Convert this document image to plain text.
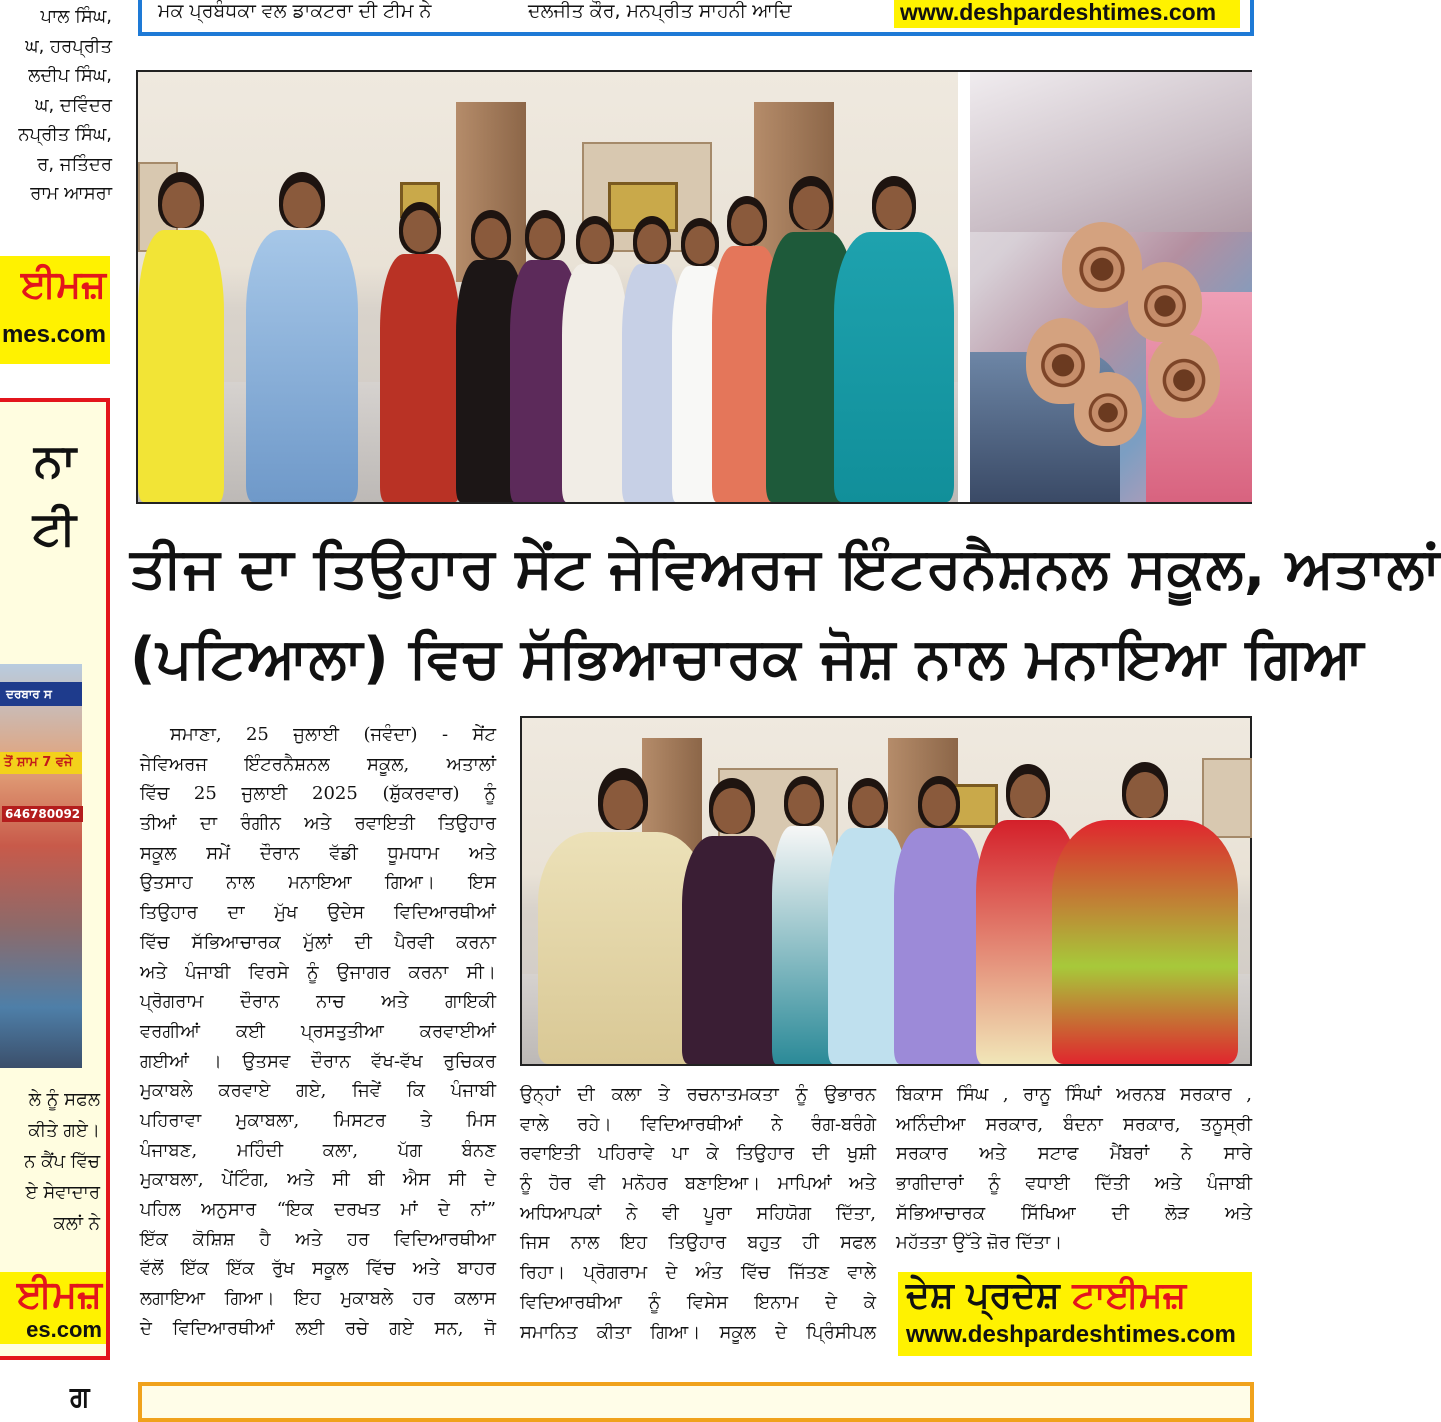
ਪਾਲ ਸਿੰਘ,
ਘ, ਹਰਪ੍ਰੀਤ
ਲਦੀਪ ਸਿੰਘ,
ਘ, ਦਵਿੰਦਰ
ਨਪ੍ਰੀਤ ਸਿੰਘ,
ਰ, ਜਤਿੰਦਰ
ਰਾਮ ਆਸਰਾ
ਈਮਜ਼
mes.com
ਨਾ
ਟੀ
ਦਰਬਾਰ ਸ
ਤੋਂ ਸ਼ਾਮ 7 ਵਜੇ
646780092
ਲੇ ਨੂੰ ਸਫਲ
ਕੀਤੇ ਗਏ।
ਨ ਕੈਂਪ ਵਿੱਚ
ਏ ਸੇਵਾਦਾਰ
ਕਲਾਂ ਨੇ
ਈਮਜ਼
es.com
ਗ
ਮਕ ਪ੍ਰਬੰਧਕਾ ਵਲ ਡਾਕਟਰਾ ਦੀ ਟੀਮ ਨੇ	ਦਲਜੀਤ ਕੌਰ, ਮਨਪ੍ਰੀਤ ਸਾਹਨੀ ਆਦਿ	www.deshpardeshtimes.com
ਤੀਜ ਦਾ ਤਿਉਹਾਰ ਸੇਂਟ ਜੇਵਿਅਰਜ ਇੰਟਰਨੈਸ਼ਨਲ ਸਕੂਲ, ਅਤਾਲਾਂ
(ਪਟਿਆਲਾ) ਵਿਚ ਸੱਭਿਆਚਾਰਕ ਜੋਸ਼ ਨਾਲ ਮਨਾਇਆ ਗਿਆ
ਸਮਾਣਾ, 25 ਜੁਲਾਈ (ਜਵੰਦਾ) - ਸੇਂਟ
ਜੇਵਿਅਰਜ ਇੰਟਰਨੈਸ਼ਨਲ ਸਕੂਲ, ਅਤਾਲਾਂ
ਵਿੱਚ 25 ਜੁਲਾਈ 2025 (ਸ਼ੁੱਕਰਵਾਰ) ਨੂੰ
ਤੀਆਂ ਦਾ ਰੰਗੀਨ ਅਤੇ ਰਵਾਇਤੀ ਤਿਉਹਾਰ
ਸਕੂਲ ਸਮੇਂ ਦੌਰਾਨ ਵੱਡੀ ਧੂਮਧਾਮ ਅਤੇ
ਉਤਸਾਹ ਨਾਲ ਮਨਾਇਆ ਗਿਆ। ਇਸ
ਤਿਉਹਾਰ ਦਾ ਮੁੱਖ ਉਦੇਸ ਵਿਦਿਆਰਥੀਆਂ
ਵਿੱਚ ਸੱਭਿਆਚਾਰਕ ਮੁੱਲਾਂ ਦੀ ਪੈਰਵੀ ਕਰਨਾ
ਅਤੇ ਪੰਜਾਬੀ ਵਿਰਸੇ ਨੂੰ ਉਜਾਗਰ ਕਰਨਾ ਸੀ।
ਪ੍ਰੋਗਰਾਮ ਦੌਰਾਨ ਨਾਚ ਅਤੇ ਗਾਇਕੀ
ਵਰਗੀਆਂ ਕਈ ਪ੍ਰਸਤੁਤੀਆ ਕਰਵਾਈਆਂ
ਗਈਆਂ । ਉਤਸਵ ਦੌਰਾਨ ਵੱਖ-ਵੱਖ ਰੁਚਿਕਰ
ਮੁਕਾਬਲੇ ਕਰਵਾਏ ਗਏ, ਜਿਵੇਂ ਕਿ ਪੰਜਾਬੀ
ਪਹਿਰਾਵਾ ਮੁਕਾਬਲਾ, ਮਿਸਟਰ ਤੇ ਮਿਸ
ਪੰਜਾਬਣ, ਮਹਿੰਦੀ ਕਲਾ, ਪੱਗ ਬੰਨਣ
ਮੁਕਾਬਲਾ, ਪੇਂਟਿੰਗ, ਅਤੇ ਸੀ ਬੀ ਐਸ ਸੀ ਦੇ
ਪਹਿਲ ਅਨੁਸਾਰ “ਇਕ ਦਰਖਤ ਮਾਂ ਦੇ ਨਾਂ”
ਇੱਕ ਕੋਸ਼ਿਸ਼ ਹੈ ਅਤੇ ਹਰ ਵਿਦਿਆਰਥੀਆ
ਵੱਲੋਂ ਇੱਕ ਇੱਕ ਰੁੱਖ ਸਕੂਲ ਵਿੱਚ ਅਤੇ ਬਾਹਰ
ਲਗਾਇਆ ਗਿਆ। ਇਹ ਮੁਕਾਬਲੇ ਹਰ ਕਲਾਸ
ਦੇ ਵਿਦਿਆਰਥੀਆਂ ਲਈ ਰਚੇ ਗਏ ਸਨ, ਜੋ
ਉਨ੍ਹਾਂ ਦੀ ਕਲਾ ਤੇ ਰਚਨਾਤਮਕਤਾ ਨੂੰ ਉਭਾਰਨ
ਵਾਲੇ ਰਹੇ। ਵਿਦਿਆਰਥੀਆਂ ਨੇ ਰੰਗ-ਬਰੰਗੇ
ਰਵਾਇਤੀ ਪਹਿਰਾਵੇ ਪਾ ਕੇ ਤਿਉਹਾਰ ਦੀ ਖੁਸ਼ੀ
ਨੂੰ ਹੋਰ ਵੀ ਮਨੋਹਰ ਬਣਾਇਆ। ਮਾਪਿਆਂ ਅਤੇ
ਅਧਿਆਪਕਾਂ ਨੇ ਵੀ ਪੂਰਾ ਸਹਿਯੋਗ ਦਿੱਤਾ,
ਜਿਸ ਨਾਲ ਇਹ ਤਿਉਹਾਰ ਬਹੁਤ ਹੀ ਸਫਲ
ਰਿਹਾ। ਪ੍ਰੋਗਰਾਮ ਦੇ ਅੰਤ ਵਿੱਚ ਜਿੱਤਣ ਵਾਲੇ
ਵਿਦਿਆਰਥੀਆ ਨੂੰ ਵਿਸੇਸ ਇਨਾਮ ਦੇ ਕੇ
ਸਮਾਨਿਤ ਕੀਤਾ ਗਿਆ। ਸਕੂਲ ਦੇ ਪ੍ਰਿੰਸੀਪਲ
ਬਿਕਾਸ ਸਿੰਘ , ਰਾਨੂ ਸਿੰਘਾਂ ਅਰਨਬ ਸਰਕਾਰ ,
ਅਨਿੰਦੀਆ ਸਰਕਾਰ, ਬੰਦਨਾ ਸਰਕਾਰ, ਤਨੂਸ੍ਰੀ
ਸਰਕਾਰ ਅਤੇ ਸਟਾਫ ਮੈਂਬਰਾਂ ਨੇ ਸਾਰੇ
ਭਾਗੀਦਾਰਾਂ ਨੂੰ ਵਧਾਈ ਦਿੱਤੀ ਅਤੇ ਪੰਜਾਬੀ
ਸੱਭਿਆਚਾਰਕ ਸਿੱਖਿਆ ਦੀ ਲੋੜ ਅਤੇ
ਮਹੱਤਤਾ ਉੱਤੇ ਜ਼ੋਰ ਦਿੱਤਾ।
ਦੇਸ਼ ਪ੍ਰਦੇਸ਼ ਟਾਈਮਜ਼
www.deshpardeshtimes.com
